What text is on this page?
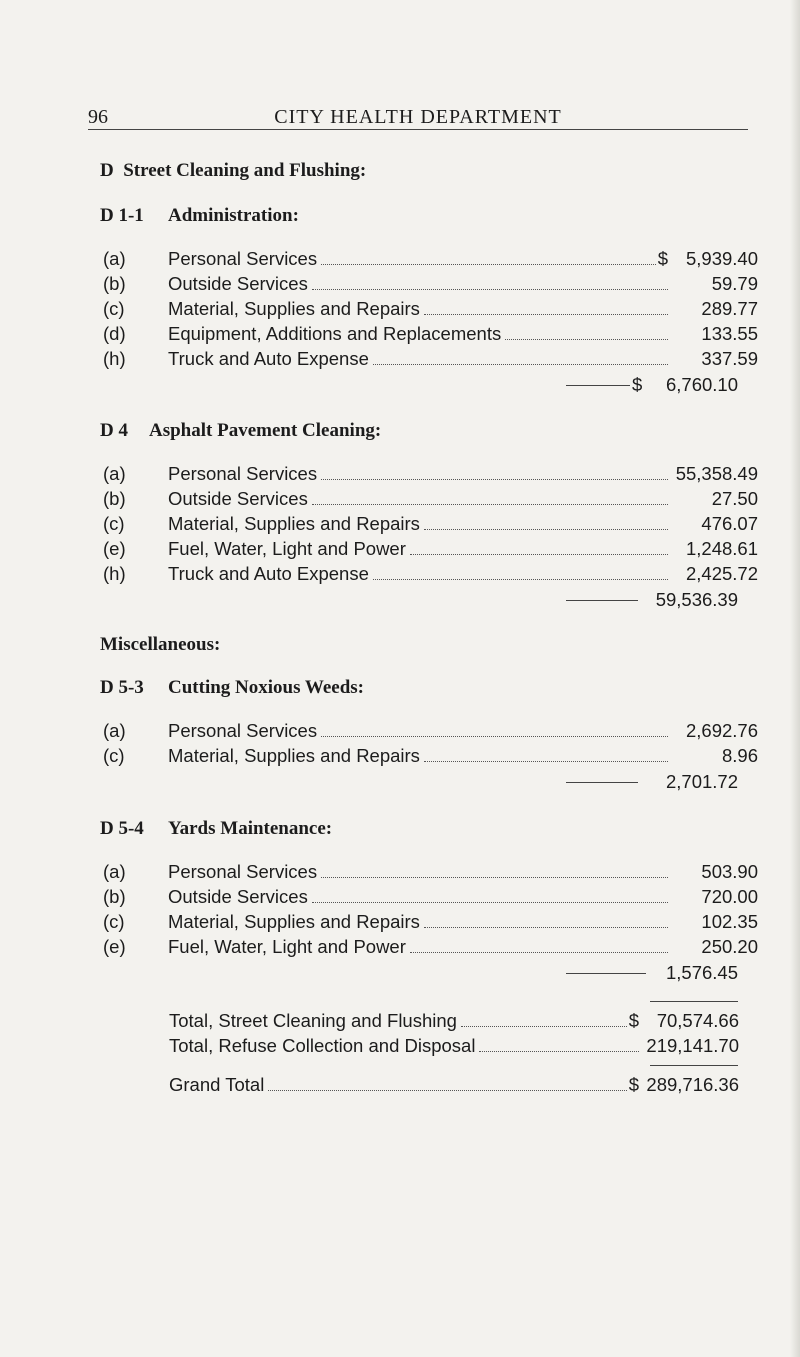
96	CITY HEALTH DEPARTMENT
D Street Cleaning and Flushing:
D 1-1 Administration:
(a) Personal Services	$ 5,939.40
(b) Outside Services	59.79
(c) Material, Supplies and Repairs	289.77
(d) Equipment, Additions and Replacements	133.55
(h) Truck and Auto Expense	337.59
$	6,760.10
D 4 Asphalt Pavement Cleaning:
(a) Personal Services	55,358.49
(b) Outside Services	27.50
(c) Material, Supplies and Repairs	476.07
(e) Fuel, Water, Light and Power	1,248.61
(h) Truck and Auto Expense	2,425.72
59,536.39
Miscellaneous:
D 5-3 Cutting Noxious Weeds:
(a) Personal Services	2,692.76
(c) Material, Supplies and Repairs	8.96
2,701.72
D 5-4 Yards Maintenance:
(a) Personal Services	503.90
(b) Outside Services	720.00
(c) Material, Supplies and Repairs	102.35
(e) Fuel, Water, Light and Power	250.20
1,576.45
Total, Street Cleaning and Flushing	$ 70,574.66
Total, Refuse Collection and Disposal	219,141.70
Grand Total	$ 289,716.36
